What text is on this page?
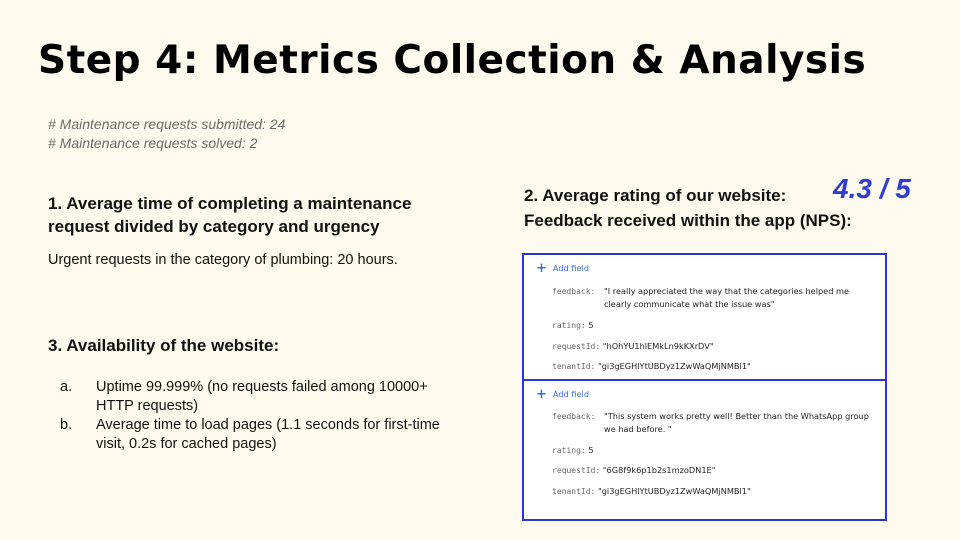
Step 4: Metrics Collection & Analysis
# Maintenance requests submitted: 24
# Maintenance requests solved: 2
1. Average time of completing a maintenance request divided by category and urgency
Urgent requests in the category of plumbing: 20 hours.
3. Availability of the website:
a. Uptime 99.999% (no requests failed among 10000+ HTTP requests)
b. Average time to load pages (1.1 seconds for first-time visit, 0.2s for cached pages)
2. Average rating of our website: 4.3 / 5
Feedback received within the app (NPS):
+ Add field
feedback: "I really appreciated the way that the categories helped me clearly communicate what the issue was"
rating: 5
requestId: "hOhYU1hlEMkLn9kKXrDV"
tenantId: "gi3gEGHlYtUBDyz1ZwWaQMjNMBl1"
+ Add field
feedback: "This system works pretty well! Better than the WhatsApp group we had before. "
rating: 5
requestId: "6G8f9k6p1b2s1mzoDN1E"
tenantId: "gi3gEGHlYtUBDyz1ZwWaQMjNMBl1"
